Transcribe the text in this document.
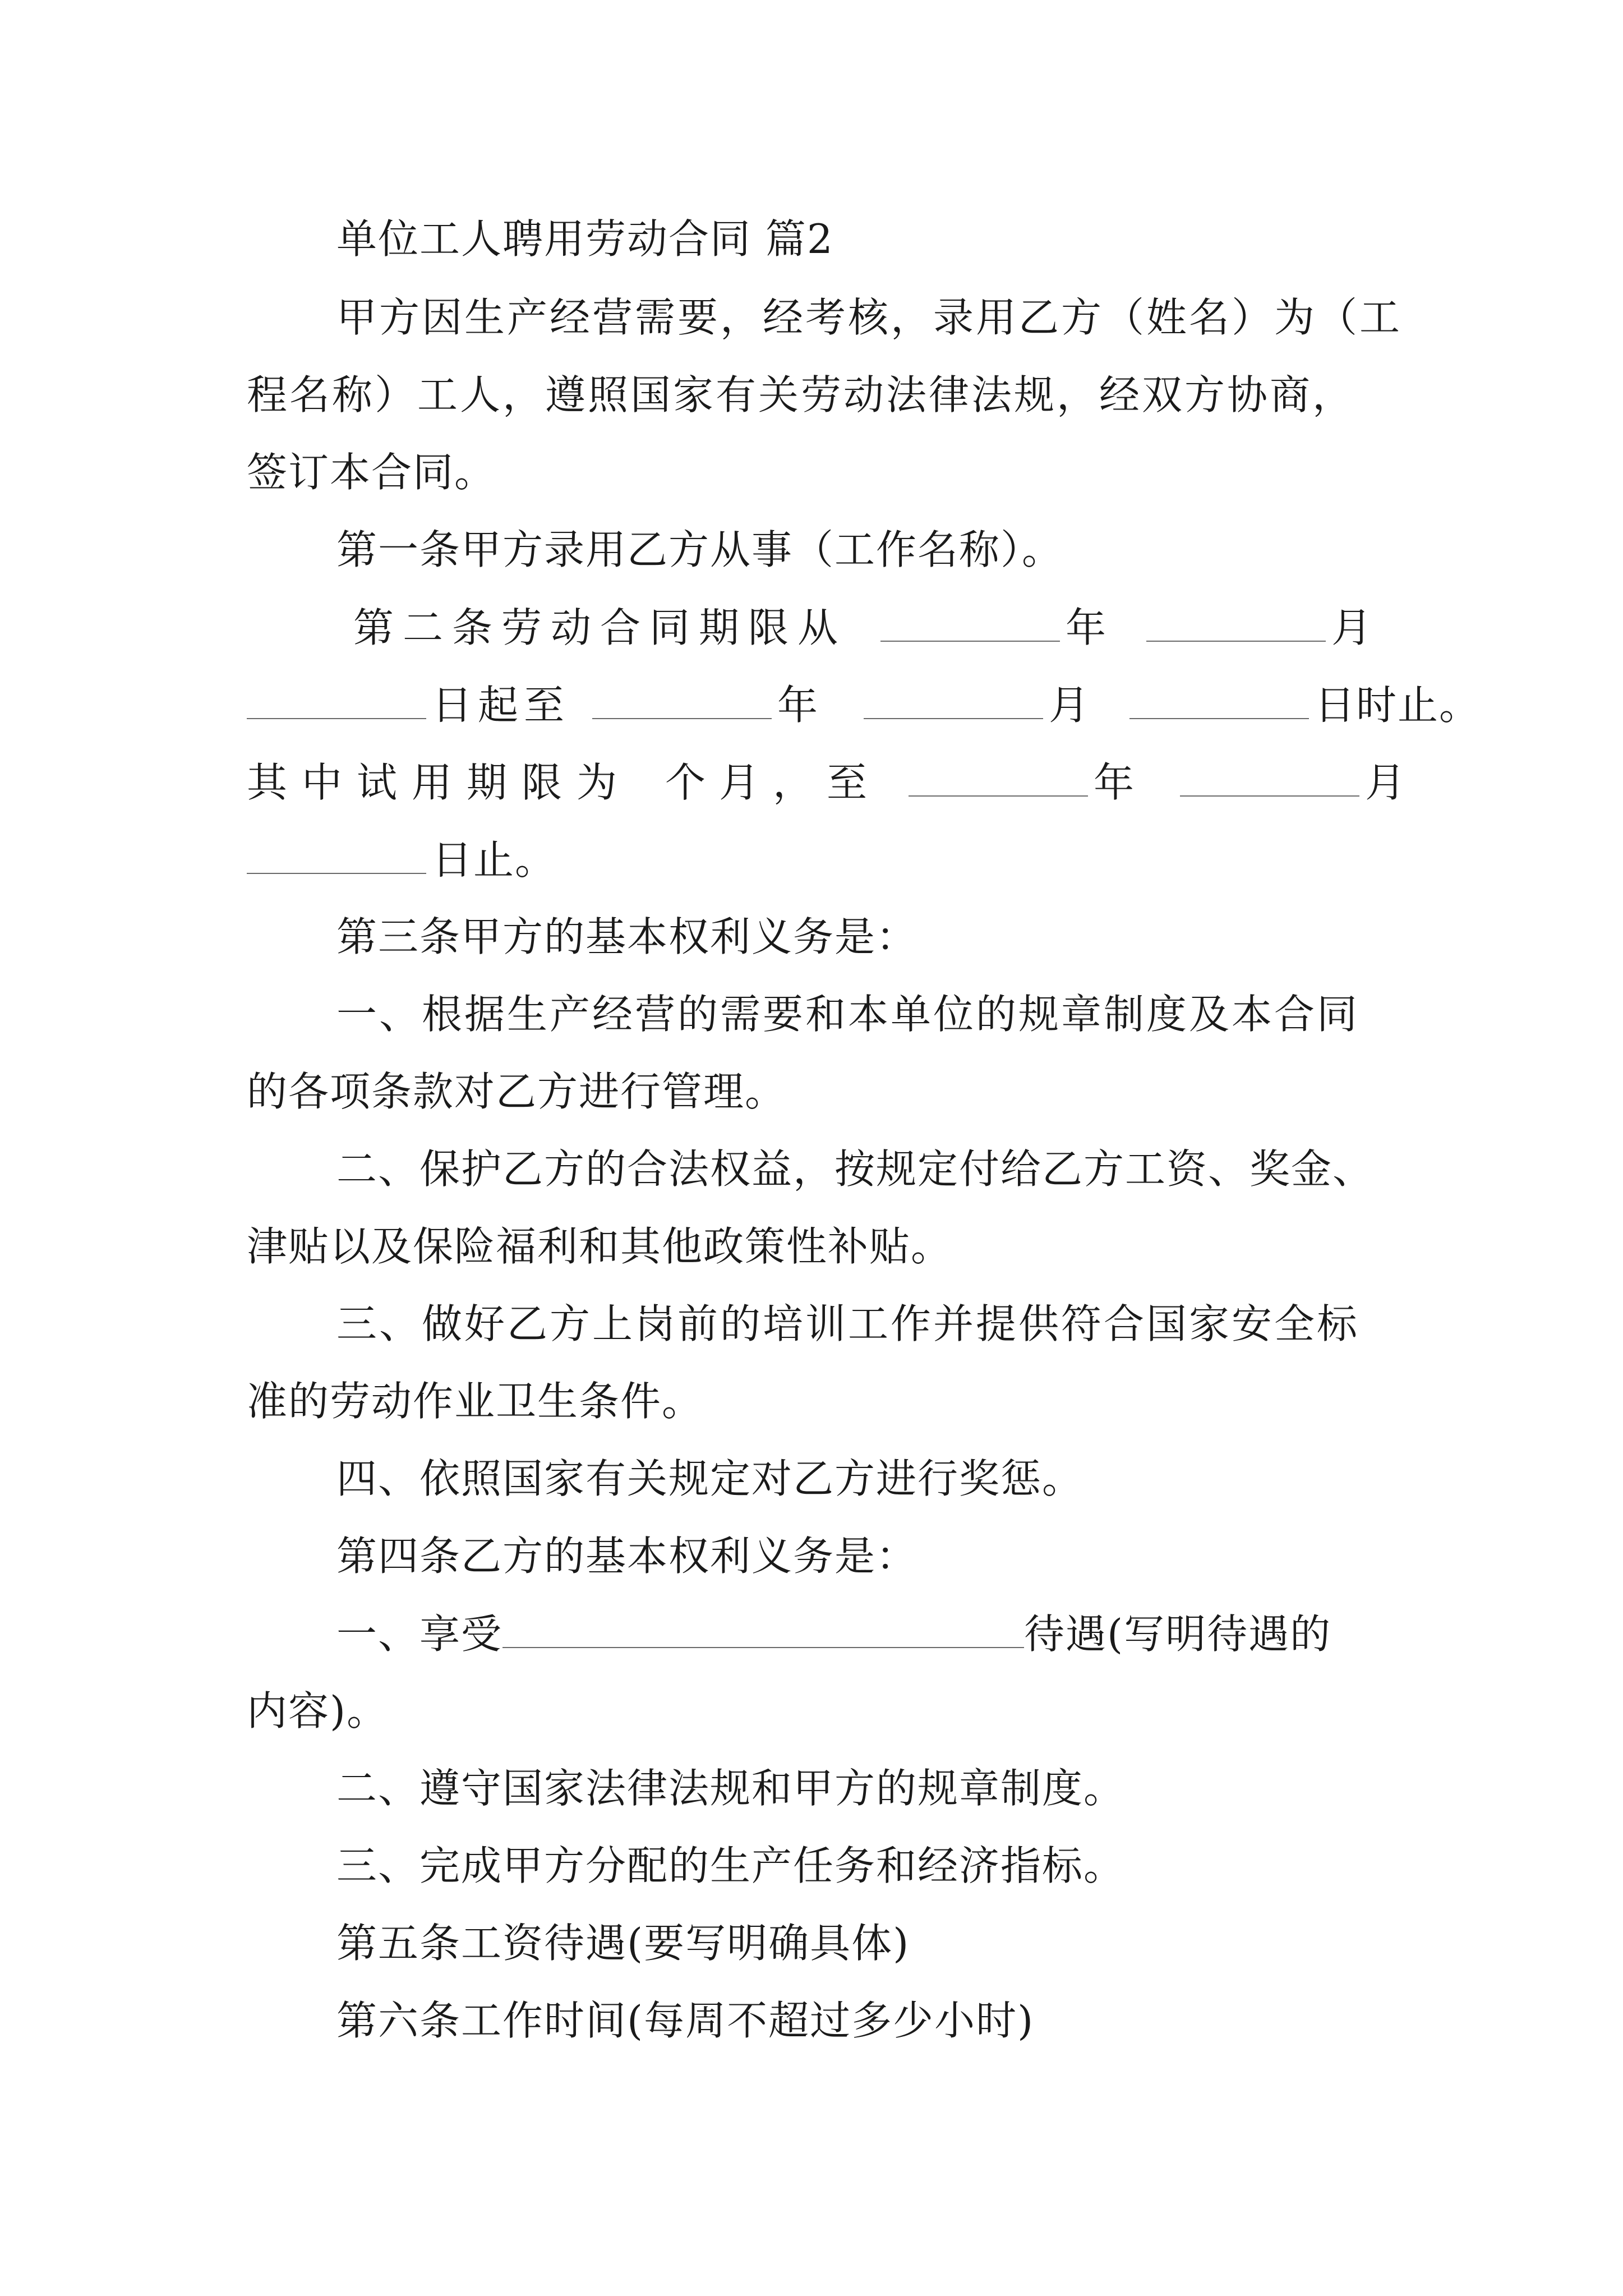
单位工人聘用劳动合同 篇2
甲方因生产经营需要，经考核，录用乙方（姓名）为（工
程名称）工人，遵照国家有关劳动法律法规，经双方协商，
签订本合同。
第一条甲方录用乙方从事（工作名称）。
第二条劳动合同期限从	年	月
日起至	年	月	日时止。
其中试用期限为 个月，至	年	月
日止。
第三条甲方的基本权利义务是：
一、根据生产经营的需要和本单位的规章制度及本合同
的各项条款对乙方进行管理。
二、保护乙方的合法权益，按规定付给乙方工资、奖金、
津贴以及保险福利和其他政策性补贴。
三、做好乙方上岗前的培训工作并提供符合国家安全标
准的劳动作业卫生条件。
四、依照国家有关规定对乙方进行奖惩。
第四条乙方的基本权利义务是：
一、享受	待遇(写明待遇的
内容)。
二、遵守国家法律法规和甲方的规章制度。
三、完成甲方分配的生产任务和经济指标。
第五条工资待遇(要写明确具体)
第六条工作时间(每周不超过多少小时)
